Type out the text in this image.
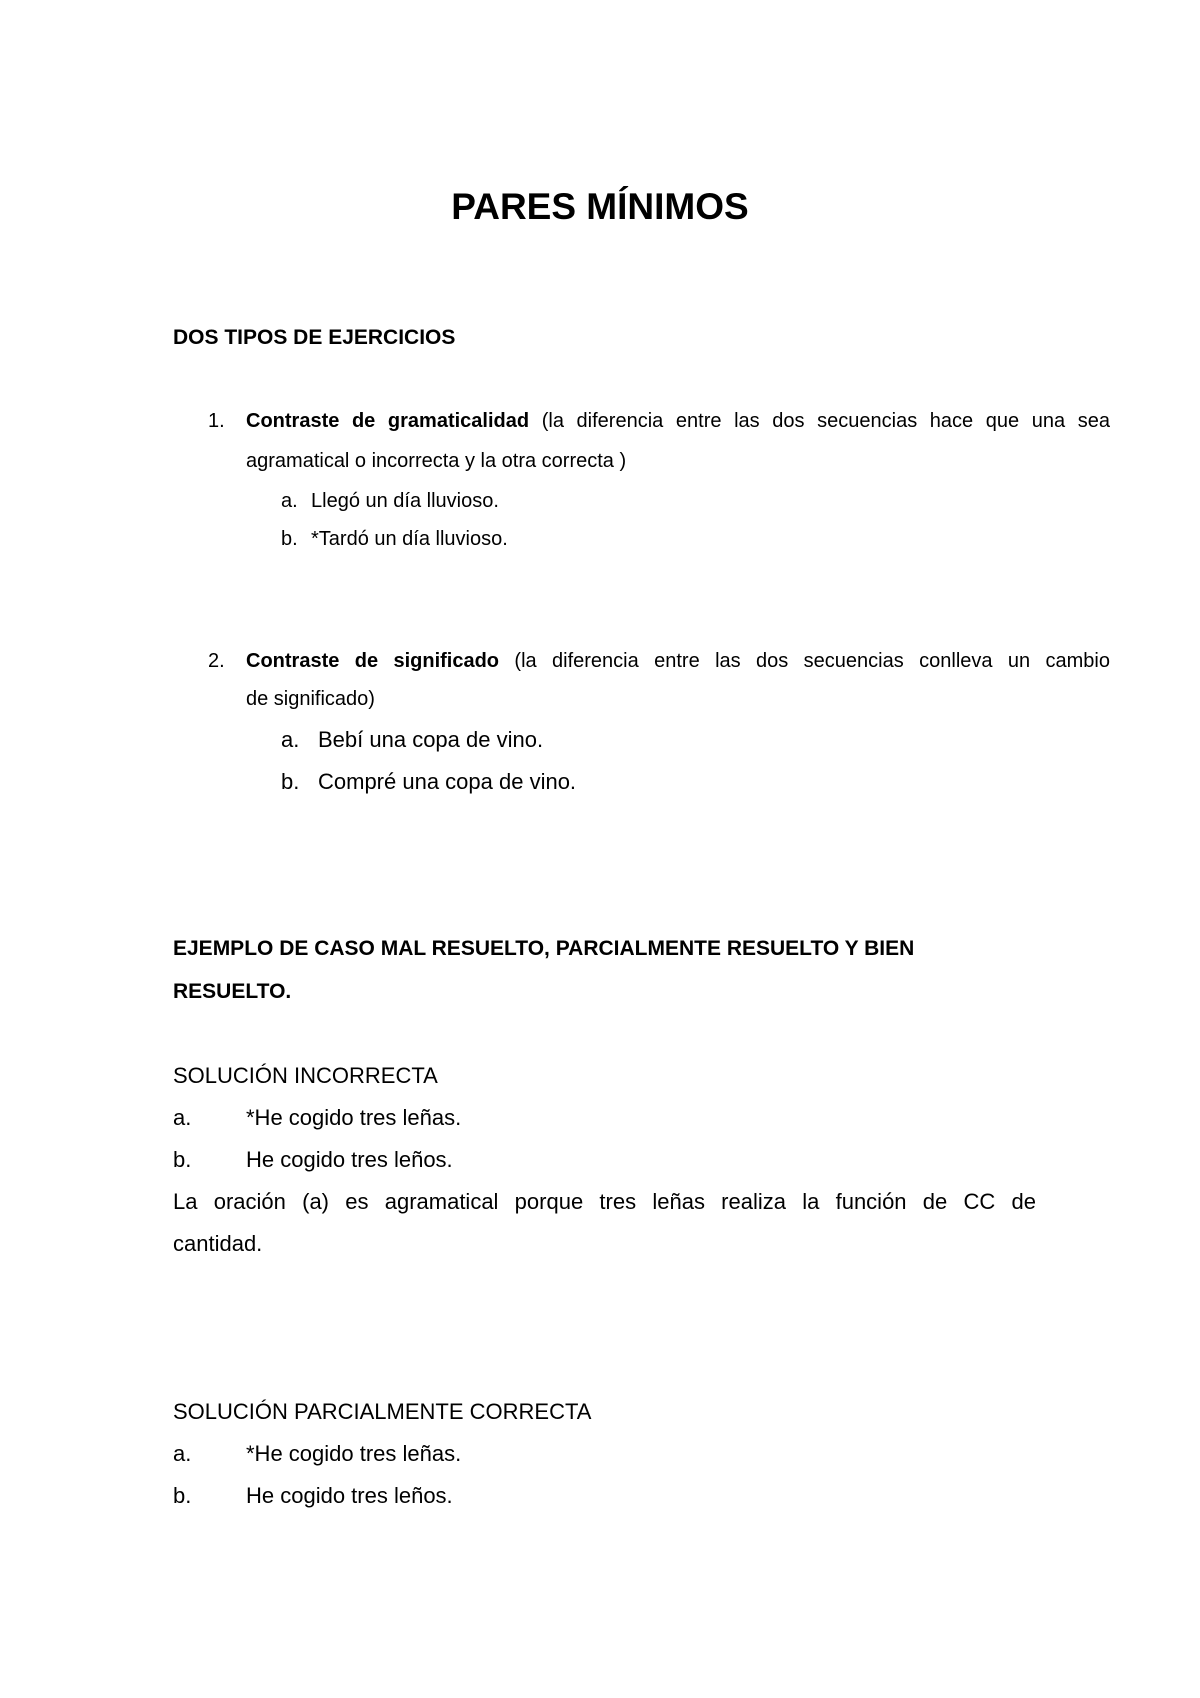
PARES MÍNIMOS
DOS TIPOS DE EJERCICIOS
1. Contraste de gramaticalidad (la diferencia entre las dos secuencias hace que una sea
agramatical o incorrecta y la otra correcta )
a. Llegó un día lluvioso.
b. *Tardó un día lluvioso.
2. Contraste de significado (la diferencia entre las dos secuencias conlleva un cambio
de significado)
a. Bebí una copa de vino.
b. Compré una copa de vino.
EJEMPLO DE CASO MAL RESUELTO, PARCIALMENTE RESUELTO Y BIEN
RESUELTO.
SOLUCIÓN INCORRECTA
a. *He cogido tres leñas.
b. He cogido tres leños.
La oración (a) es agramatical porque tres leñas realiza la función de CC de
cantidad.
SOLUCIÓN PARCIALMENTE CORRECTA
a. *He cogido tres leñas.
b. He cogido tres leños.
